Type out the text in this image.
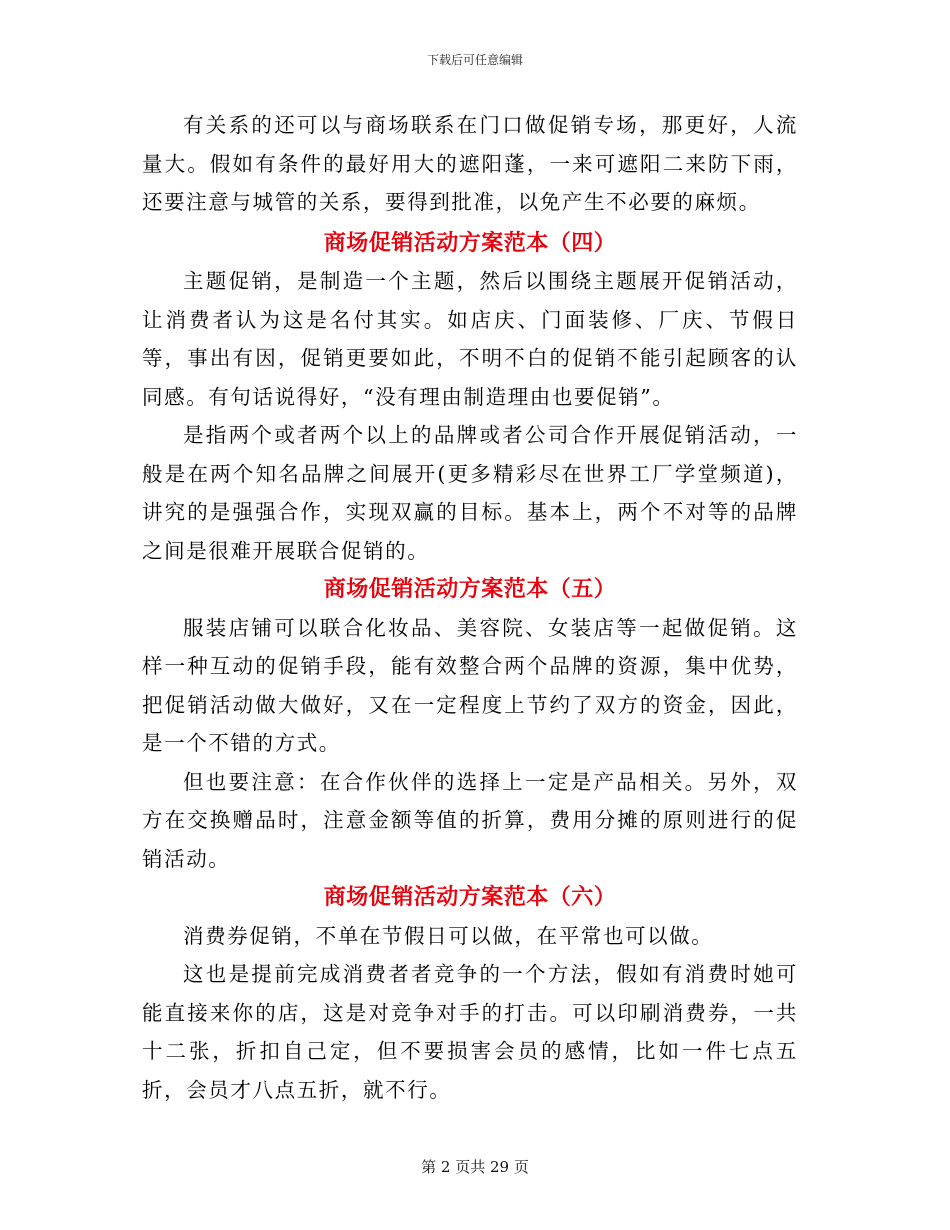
下载后可任意编辑

有关系的还可以与商场联系在门口做促销专场，那更好，人流量大。假如有条件的最好用大的遮阳蓬，一来可遮阳二来防下雨，还要注意与城管的关系，要得到批准，以免产生不必要的麻烦。

商场促销活动方案范本（四）

主题促销，是制造一个主题，然后以围绕主题展开促销活动，让消费者认为这是名付其实。如店庆、门面装修、厂庆、节假日等，事出有因，促销更要如此，不明不白的促销不能引起顾客的认同感。有句话说得好，“没有理由制造理由也要促销”。

是指两个或者两个以上的品牌或者公司合作开展促销活动，一般是在两个知名品牌之间展开(更多精彩尽在世界工厂学堂频道)，讲究的是强强合作，实现双赢的目标。基本上，两个不对等的品牌之间是很难开展联合促销的。

商场促销活动方案范本（五）

服装店铺可以联合化妆品、美容院、女装店等一起做促销。这样一种互动的促销手段，能有效整合两个品牌的资源，集中优势，把促销活动做大做好，又在一定程度上节约了双方的资金，因此，是一个不错的方式。

但也要注意：在合作伙伴的选择上一定是产品相关。另外，双方在交换赠品时，注意金额等值的折算，费用分摊的原则进行的促销活动。

商场促销活动方案范本（六）

消费券促销，不单在节假日可以做，在平常也可以做。

这也是提前完成消费者者竞争的一个方法，假如有消费时她可能直接来你的店，这是对竞争对手的打击。可以印刷消费券，一共十二张，折扣自己定，但不要损害会员的感情，比如一件七点五折，会员才八点五折，就不行。

第 2 页共 29 页
